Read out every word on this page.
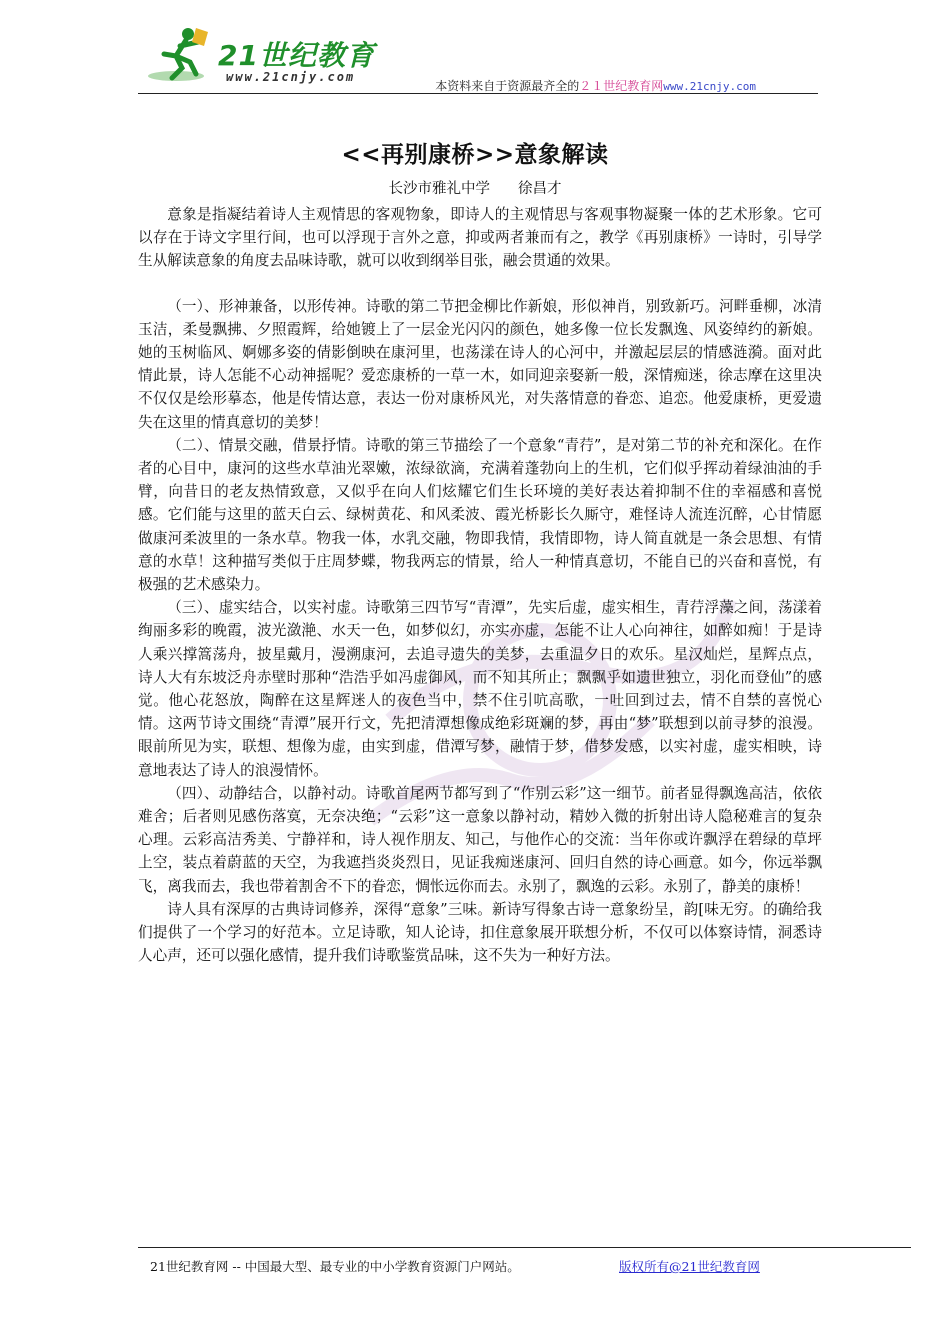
21世纪教育
www.21cnjy.com
本资料来自于资源最齐全的２１世纪教育网www.21cnjy.com
<<再别康桥>>意象解读
长沙市雅礼中学 徐昌才

意象是指凝结着诗人主观情思的客观物象，即诗人的主观情思与客观事物凝聚一体的艺术形象。它可以存在于诗文字里行间，也可以浮现于言外之意，抑或两者兼而有之，教学《再别康桥》一诗时，引导学生从解读意象的角度去品味诗歌，就可以收到纲举目张，融会贯通的效果。

（一）、形神兼备，以形传神。诗歌的第二节把金柳比作新娘，形似神肖，别致新巧。河畔垂柳，冰清玉洁，柔曼飘拂、夕照霞辉，给她镀上了一层金光闪闪的颜色，她多像一位长发飘逸、风姿绰约的新娘。她的玉树临风、婀娜多姿的倩影倒映在康河里，也荡漾在诗人的心河中，并激起层层的情感涟漪。面对此情此景，诗人怎能不心动神摇呢？爱恋康桥的一草一木，如同迎亲娶新一般，深情痴迷，徐志摩在这里决不仅仅是绘形摹态，他是传情达意，表达一份对康桥风光，对失落情意的眷恋、追恋。他爱康桥，更爱遗失在这里的情真意切的美梦！

（二）、情景交融，借景抒情。诗歌的第三节描绘了一个意象“青荇”，是对第二节的补充和深化。在作者的心目中，康河的这些水草油光翠嫩，浓绿欲滴，充满着蓬勃向上的生机，它们似乎挥动着绿油油的手臂，向昔日的老友热情致意，又似乎在向人们炫耀它们生长环境的美好表达着抑制不住的幸福感和喜悦感。它们能与这里的蓝天白云、绿树黄花、和风柔波、霞光桥影长久厮守，难怪诗人流连沉醉，心甘情愿做康河柔波里的一条水草。物我一体，水乳交融，物即我情，我情即物，诗人简直就是一条会思想、有情意的水草！这种描写类似于庄周梦蝶，物我两忘的情景，给人一种情真意切，不能自已的兴奋和喜悦，有极强的艺术感染力。

（三）、虚实结合，以实衬虚。诗歌第三四节写“青潭”，先实后虚，虚实相生，青荇浮藻之间，荡漾着绚丽多彩的晚霞，波光潋滟、水天一色，如梦似幻，亦实亦虚，怎能不让人心向神往，如醉如痴！于是诗人乘兴撑篙荡舟，披星戴月，漫溯康河，去追寻遗失的美梦，去重温夕日的欢乐。星汉灿烂，星辉点点，诗人大有东坡泛舟赤壁时那种“浩浩乎如冯虚御风，而不知其所止；飘飘乎如遗世独立，羽化而登仙”的感觉。他心花怒放，陶醉在这星辉迷人的夜色当中，禁不住引吭高歌，一吐回到过去，情不自禁的喜悦心情。这两节诗文围绕“青潭”展开行文，先把清潭想像成绝彩斑斓的梦，再由“梦”联想到以前寻梦的浪漫。眼前所见为实，联想、想像为虚，由实到虚，借潭写梦，融情于梦，借梦发感，以实衬虚，虚实相映，诗意地表达了诗人的浪漫情怀。

（四）、动静结合，以静衬动。诗歌首尾两节都写到了“作别云彩”这一细节。前者显得飘逸高洁，依依难舍；后者则见感伤落寞，无奈决绝；“云彩”这一意象以静衬动，精妙入微的折射出诗人隐秘难言的复杂心理。云彩高洁秀美、宁静祥和，诗人视作朋友、知己，与他作心的交流：当年你或许飘浮在碧绿的草坪上空，装点着蔚蓝的天空，为我遮挡炎炎烈日，见证我痴迷康河、回归自然的诗心画意。如今，你远举飘飞，离我而去，我也带着割舍不下的眷恋，惆怅远你而去。永别了，飘逸的云彩。永别了，静美的康桥！

诗人具有深厚的古典诗词修养，深得“意象”三味。新诗写得象古诗一意象纷呈，韵[味无穷。的确给我们提供了一个学习的好范本。立足诗歌，知人论诗，扣住意象展开联想分析，不仅可以体察诗情，洞悉诗人心声，还可以强化感情，提升我们诗歌鉴赏品味，这不失为一种好方法。

21世纪教育网 -- 中国最大型、最专业的中小学教育资源门户网站。	版权所有@21世纪教育网
